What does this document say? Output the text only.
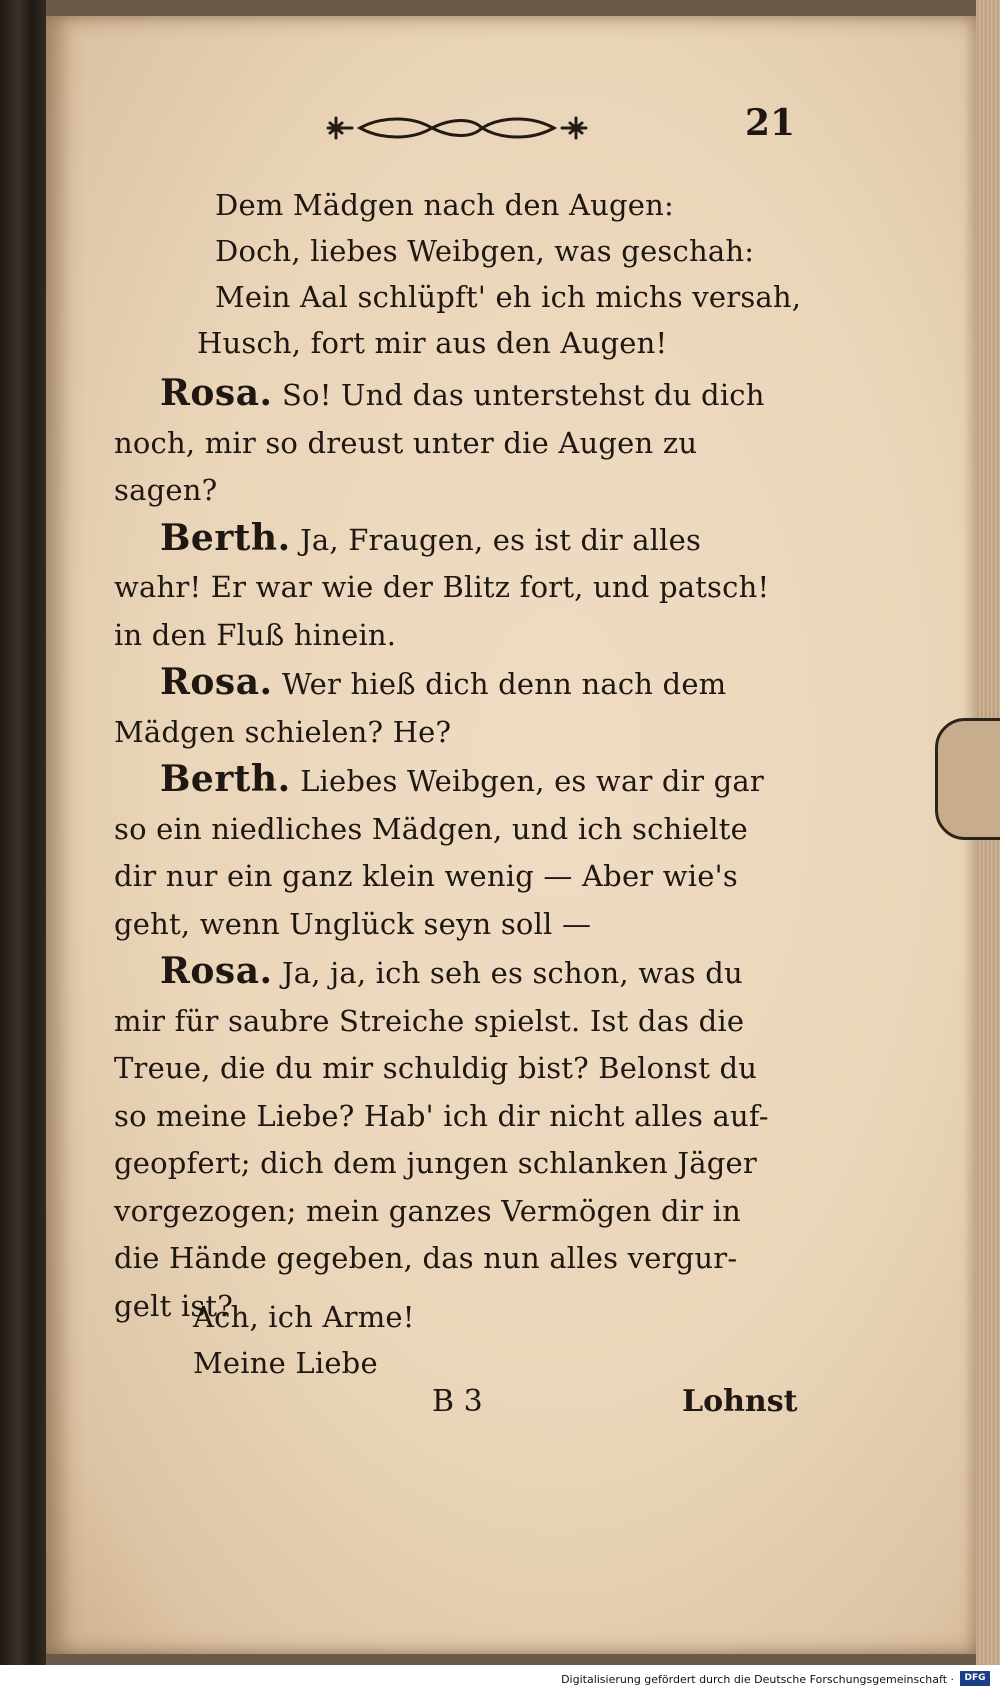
21
Dem Mädgen nach den Augen:
Doch, liebes Weibgen, was geschah:
Mein Aal schlüpft' eh ich michs versah,
Husch, fort mir aus den Augen!

Rosa. So! Und das unterstehst du dich
noch, mir so dreust unter die Augen zu
sagen?

Berth. Ja, Fraugen, es ist dir alles
wahr! Er war wie der Blitz fort, und patsch!
in den Fluß hinein.

Rosa. Wer hieß dich denn nach dem
Mädgen schielen? He?

Berth. Liebes Weibgen, es war dir gar
so ein niedliches Mädgen, und ich schielte
dir nur ein ganz klein wenig — Aber wie's
geht, wenn Unglück seyn soll —

Rosa. Ja, ja, ich seh es schon, was du
mir für saubre Streiche spielst. Ist das die
Treue, die du mir schuldig bist? Belonst du
so meine Liebe? Hab' ich dir nicht alles auf-
geopfert; dich dem jungen schlanken Jäger
vorgezogen; mein ganzes Vermögen dir in
die Hände gegeben, das nun alles vergur-
gelt ist?

Ach, ich Arme!
Meine Liebe
B 3	Lohnst
Digitalisierung gefördert durch die Deutsche Forschungsgemeinschaft ·	DFG
